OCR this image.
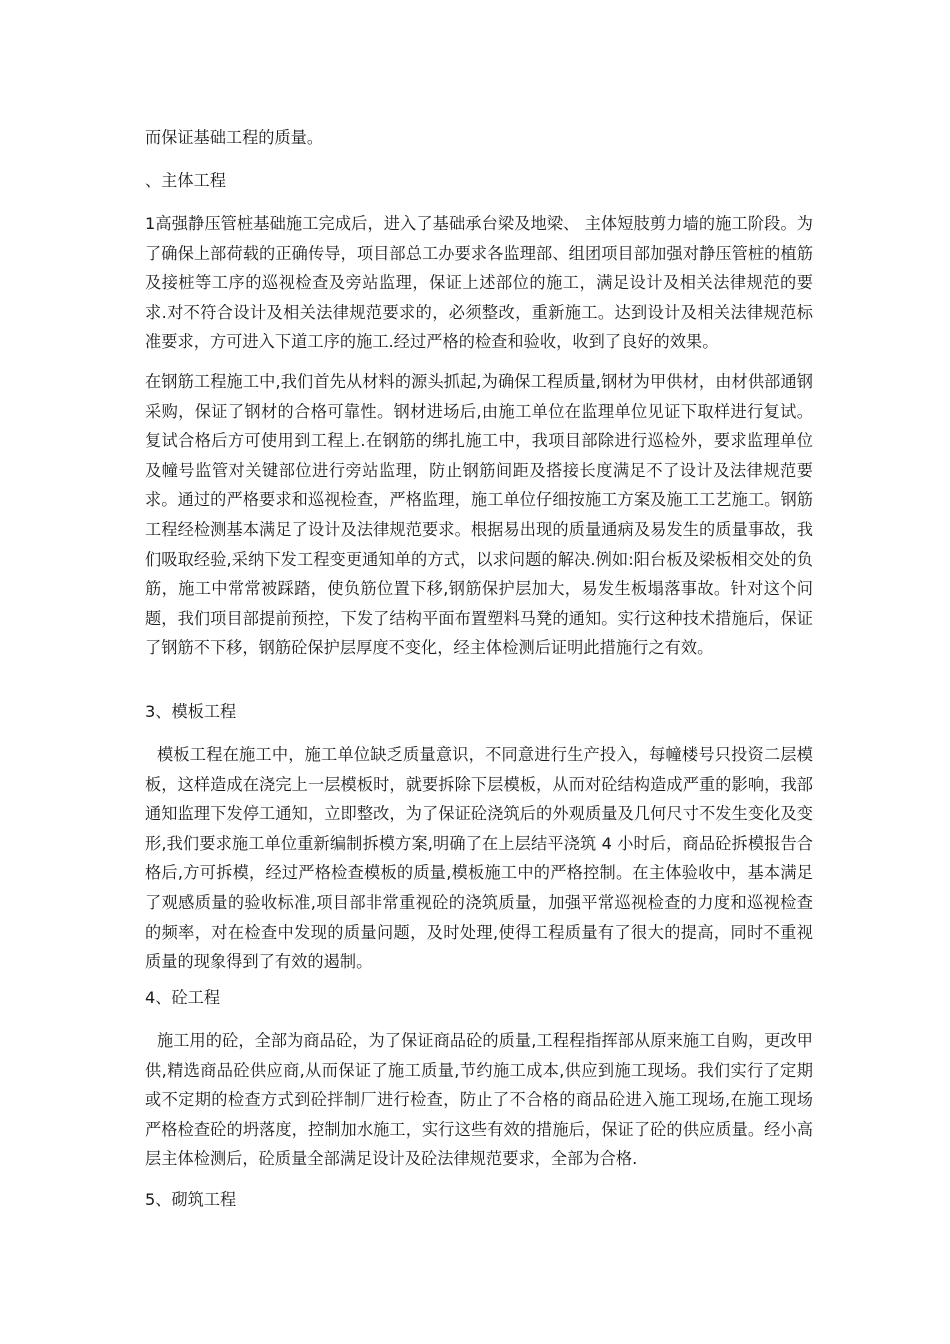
而保证基础工程的质量。

、主体工程

1高强静压管桩基础施工完成后，进入了基础承台梁及地梁、 主体短肢剪力墙的施工阶段。为了确保上部荷载的正确传导，项目部总工办要求各监理部、组团项目部加强对静压管桩的植筋及接桩等工序的巡视检查及旁站监理，保证上述部位的施工，满足设计及相关法律规范的要求.对不符合设计及相关法律规范要求的，必须整改，重新施工。达到设计及相关法律规范标准要求，方可进入下道工序的施工.经过严格的检查和验收，收到了良好的效果。

在钢筋工程施工中,我们首先从材料的源头抓起,为确保工程质量,钢材为甲供材，由材供部通钢采购，保证了钢材的合格可靠性。钢材进场后,由施工单位在监理单位见证下取样进行复试。复试合格后方可使用到工程上.在钢筋的绑扎施工中，我项目部除进行巡检外，要求监理单位及幢号监管对关键部位进行旁站监理，防止钢筋间距及搭接长度满足不了设计及法律规范要求。通过的严格要求和巡视检查，严格监理，施工单位仔细按施工方案及施工工艺施工。钢筋工程经检测基本满足了设计及法律规范要求。根据易出现的质量通病及易发生的质量事故，我们吸取经验,采纳下发工程变更通知单的方式，以求问题的解决.例如:阳台板及梁板相交处的负筋，施工中常常被踩踏，使负筋位置下移,钢筋保护层加大，易发生板塌落事故。针对这个问题，我们项目部提前预控，下发了结构平面布置塑料马凳的通知。实行这种技术措施后，保证了钢筋不下移，钢筋砼保护层厚度不变化，经主体检测后证明此措施行之有效。

3、模板工程

模板工程在施工中，施工单位缺乏质量意识，不同意进行生产投入，每幢楼号只投资二层模板，这样造成在浇完上一层模板时，就要拆除下层模板，从而对砼结构造成严重的影响，我部通知监理下发停工通知，立即整改，为了保证砼浇筑后的外观质量及几何尺寸不发生变化及变形,我们要求施工单位重新编制拆模方案,明确了在上层结平浇筑 4 小时后，商品砼拆模报告合格后,方可拆模，经过严格检查模板的质量,模板施工中的严格控制。在主体验收中，基本满足了观感质量的验收标准,项目部非常重视砼的浇筑质量，加强平常巡视检查的力度和巡视检查的频率，对在检查中发现的质量问题，及时处理,使得工程质量有了很大的提高，同时不重视质量的现象得到了有效的遏制。

4、砼工程

施工用的砼，全部为商品砼，为了保证商品砼的质量,工程程指挥部从原来施工自购，更改甲供,精选商品砼供应商,从而保证了施工质量,节约施工成本,供应到施工现场。我们实行了定期或不定期的检查方式到砼拌制厂进行检查，防止了不合格的商品砼进入施工现场,在施工现场严格检查砼的坍落度，控制加水施工，实行这些有效的措施后，保证了砼的供应质量。经小高层主体检测后，砼质量全部满足设计及砼法律规范要求，全部为合格.

5、砌筑工程
